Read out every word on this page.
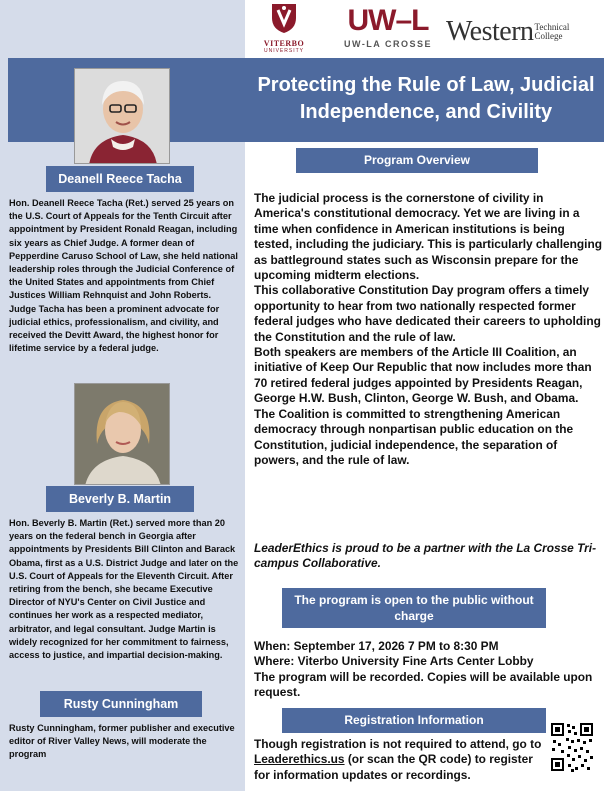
VITERBO
UNIVERSITY
UW–L
UW-LA CROSSE Western Technical
College
Protecting the Rule of Law, Judicial Independence, and Civility
Deanell Reece Tacha
Hon. Deanell Reece Tacha (Ret.) served 25 years on the U.S. Court of Appeals for the Tenth Circuit after appointment by President Ronald Reagan, including six years as Chief Judge. A former dean of Pepperdine Caruso School of Law, she held national leadership roles through the Judicial Conference of the United States and appointments from Chief Justices William Rehnquist and John Roberts. Judge Tacha has been a prominent advocate for judicial ethics, professionalism, and civility, and received the Devitt Award, the highest honor for lifetime service by a federal judge.
Beverly B. Martin
Hon. Beverly B. Martin (Ret.) served more than 20 years on the federal bench in Georgia after appointments by Presidents Bill Clinton and Barack Obama, first as a U.S. District Judge and later on the U.S. Court of Appeals for the Eleventh Circuit. After retiring from the bench, she became Executive Director of NYU's Center on Civil Justice and continues her work as a respected mediator, arbitrator, and legal consultant. Judge Martin is widely recognized for her commitment to fairness, access to justice, and impartial decision-making.
Rusty Cunningham
Rusty Cunningham, former publisher and executive editor of River Valley News, will moderate the program
Program Overview

The judicial process is the cornerstone of civility in America's constitutional democracy. Yet we are living in a time when confidence in American institutions is being tested, including the judiciary. This is particularly challenging as battleground states such as Wisconsin prepare for the upcoming midterm elections.

This collaborative Constitution Day program offers a timely opportunity to hear from two nationally respected former federal judges who have dedicated their careers to upholding the Constitution and the rule of law.

Both speakers are members of the Article III Coalition, an initiative of Keep Our Republic that now includes more than 70 retired federal judges appointed by Presidents Reagan, George H.W. Bush, Clinton, George W. Bush, and Obama. The Coalition is committed to strengthening American democracy through nonpartisan public education on the Constitution, judicial independence, the separation of powers, and the rule of law.

LeaderEthics is proud to be a partner with the La Crosse Tri-campus Collaborative.
The program is open to the public without charge

When: September 17, 2026 7 PM to 8:30 PM

Where: Viterbo University Fine Arts Center Lobby

The program will be recorded. Copies will be available upon request.

Registration Information
Though registration is not required to attend, go to Leaderethics.us (or scan the QR code) to register for information updates or recordings.
